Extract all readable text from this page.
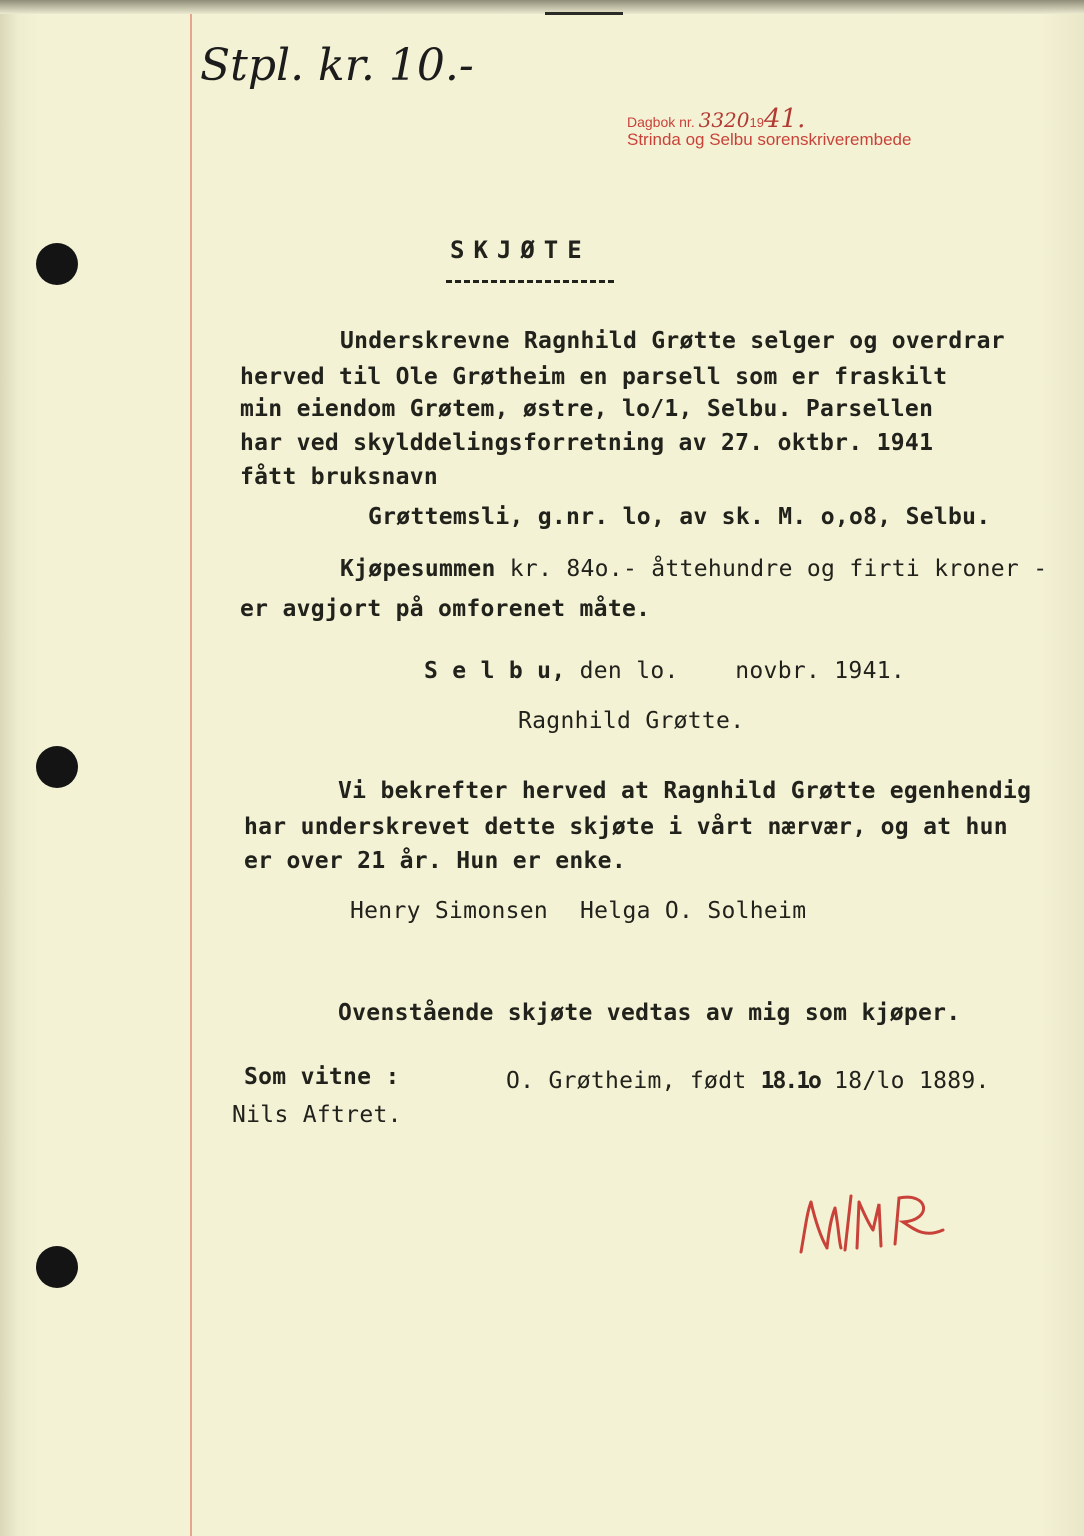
Stpl. kr. 10.-
Dagbok nr. 33201941.
Strinda og Selbu sorenskriverembede
SKJØTE
Underskrevne Ragnhild Grøtte selger og overdrar
herved til Ole Grøtheim en parsell som er fraskilt
min eiendom Grøtem, østre, lo/1, Selbu. Parsellen
har ved skylddelingsforretning av 27. oktbr. 1941
fått bruksnavn
Grøttemsli, g.nr. lo, av sk. M. o,o8, Selbu.
Kjøpesummen kr. 84o.- åttehundre og firti kroner -
er avgjort på omforenet måte.
S e l b u, den lo.    novbr. 1941.
Ragnhild Grøtte.
Vi bekrefter herved at Ragnhild Grøtte egenhendig
har underskrevet dette skjøte i vårt nærvær, og at hun
er over 21 år. Hun er enke.
Henry Simonsen Helga O. Solheim
Ovenstående skjøte vedtas av mig som kjøper.
Som vitne :	O. Grøtheim, født 18.1o 18/lo 1889.
Nils Aftret.
